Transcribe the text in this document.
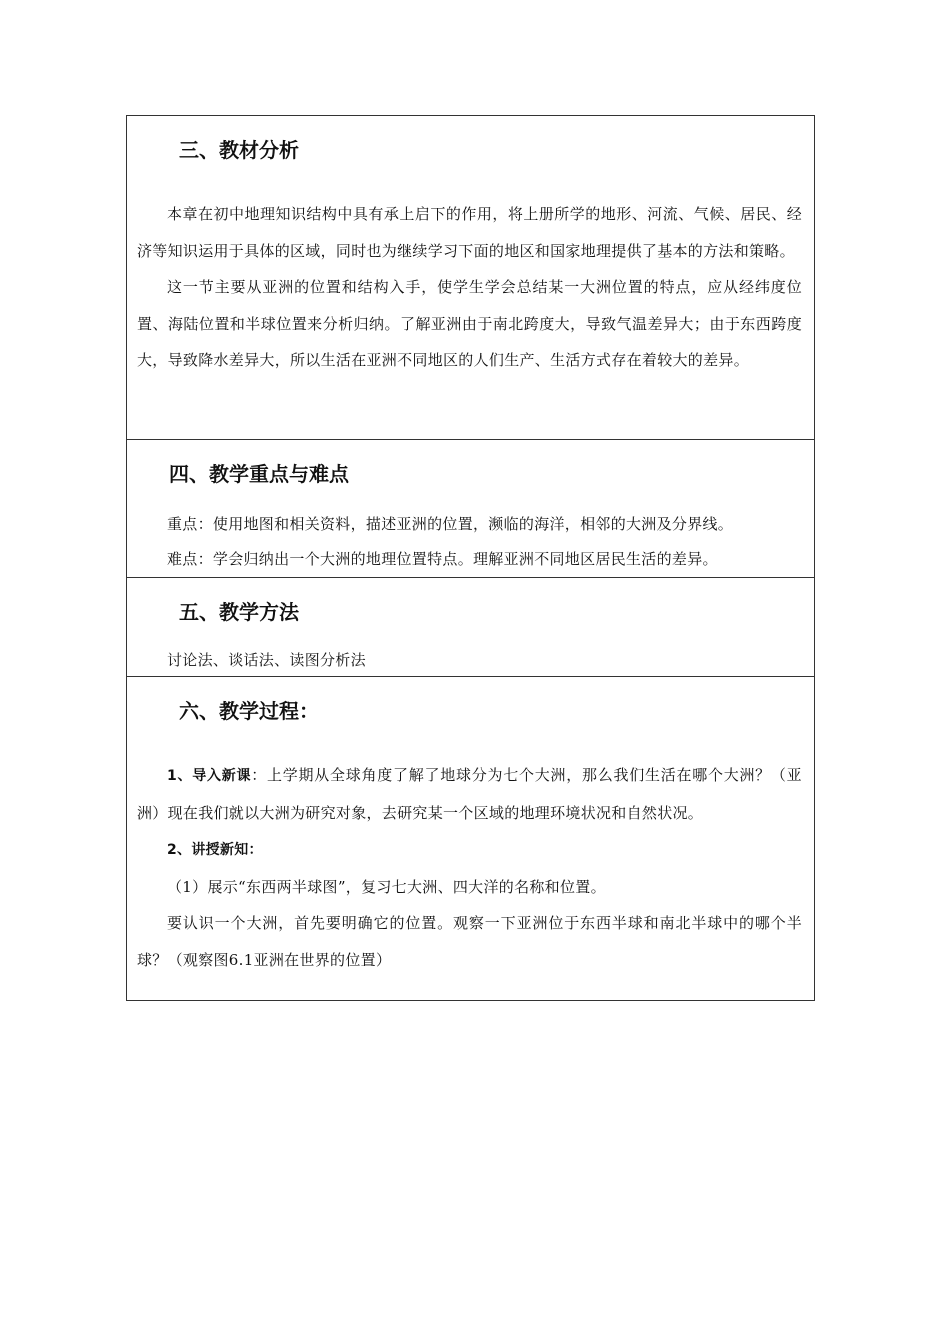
三、教材分析

本章在初中地理知识结构中具有承上启下的作用，将上册所学的地形、河流、气候、居民、经济等知识运用于具体的区域，同时也为继续学习下面的地区和国家地理提供了基本的方法和策略。

这一节主要从亚洲的位置和结构入手，使学生学会总结某一大洲位置的特点，应从经纬度位置、海陆位置和半球位置来分析归纳。了解亚洲由于南北跨度大，导致气温差异大；由于东西跨度大，导致降水差异大，所以生活在亚洲不同地区的人们生产、生活方式存在着较大的差异。

四、教学重点与难点

重点：使用地图和相关资料，描述亚洲的位置，濒临的海洋，相邻的大洲及分界线。

难点：学会归纳出一个大洲的地理位置特点。理解亚洲不同地区居民生活的差异。

五、教学方法

讨论法、谈话法、读图分析法

六、教学过程：

1、导入新课：上学期从全球角度了解了地球分为七个大洲，那么我们生活在哪个大洲？（亚洲）现在我们就以大洲为研究对象，去研究某一个区域的地理环境状况和自然状况。

2、讲授新知：

（1）展示“东西两半球图”，复习七大洲、四大洋的名称和位置。

要认识一个大洲，首先要明确它的位置。观察一下亚洲位于东西半球和南北半球中的哪个半球？（观察图6.1亚洲在世界的位置）
